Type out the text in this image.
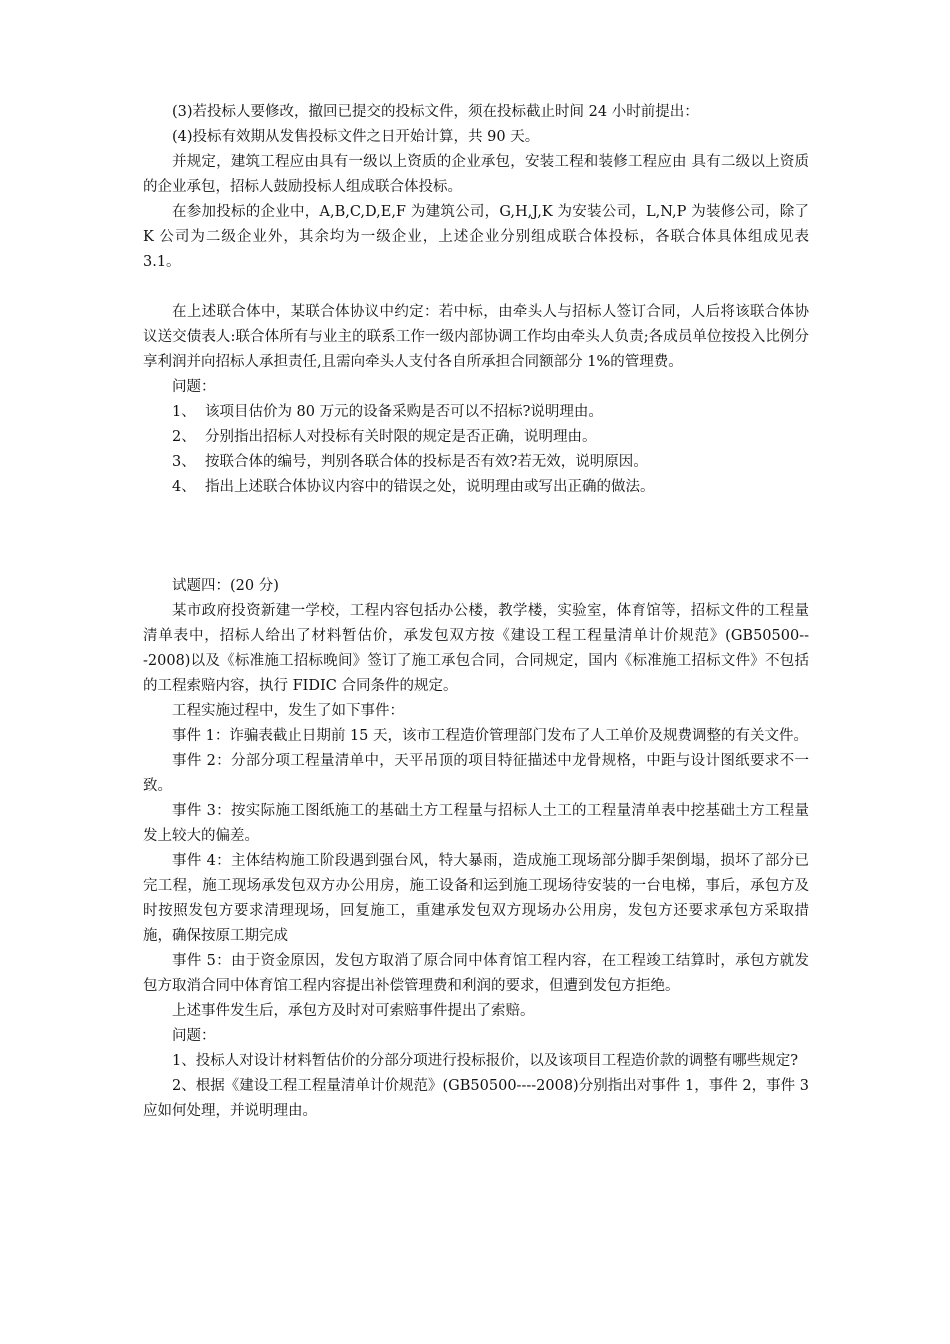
(3)若投标人要修改，撤回已提交的投标文件，须在投标截止时间 24 小时前提出：

(4)投标有效期从发售投标文件之日开始计算，共 90 天。

并规定，建筑工程应由具有一级以上资质的企业承包，安装工程和装修工程应由 具有二级以上资质的企业承包，招标人鼓励投标人组成联合体投标。

在参加投标的企业中，A,B,C,D,E,F 为建筑公司，G,H,J,K 为安装公司，L,N,P 为装修公司，除了 K 公司为二级企业外，其余均为一级企业，上述企业分别组成联合体投标，各联合体具体组成见表 3.1。

在上述联合体中，某联合体协议中约定：若中标，由牵头人与招标人签订合同，人后将该联合体协议送交债表人:联合体所有与业主的联系工作一级内部协调工作均由牵头人负责;各成员单位按投入比例分享利润并向招标人承担责任,且需向牵头人支付各自所承担合同额部分 1%的管理费。

问题：

1、  该项目估价为 80 万元的设备采购是否可以不招标?说明理由。

2、  分别指出招标人对投标有关时限的规定是否正确，说明理由。

3、  按联合体的编号，判别各联合体的投标是否有效?若无效，说明原因。

4、  指出上述联合体协议内容中的错误之处，说明理由或写出正确的做法。

试题四：(20 分)

某市政府投资新建一学校，工程内容包括办公楼，教学楼，实验室，体育馆等，招标文件的工程量清单表中，招标人给出了材料暂估价，承发包双方按《建设工程工程量清单计价规范》(GB50500---2008)以及《标准施工招标晚间》签订了施工承包合同，合同规定，国内《标准施工招标文件》不包括的工程索赔内容，执行 FIDIC 合同条件的规定。

工程实施过程中，发生了如下事件：

事件 1：诈骗表截止日期前 15 天，该市工程造价管理部门发布了人工单价及规费调整的有关文件。

事件 2：分部分项工程量清单中，天平吊顶的项目特征描述中龙骨规格，中距与设计图纸要求不一致。

事件 3：按实际施工图纸施工的基础土方工程量与招标人土工的工程量清单表中挖基础土方工程量发上较大的偏差。

事件 4：主体结构施工阶段遇到强台风，特大暴雨，造成施工现场部分脚手架倒塌，损坏了部分已完工程，施工现场承发包双方办公用房，施工设备和运到施工现场待安装的一台电梯，事后，承包方及时按照发包方要求清理现场，回复施工，重建承发包双方现场办公用房，发包方还要求承包方采取措施，确保按原工期完成

事件 5：由于资金原因，发包方取消了原合同中体育馆工程内容，在工程竣工结算时，承包方就发包方取消合同中体育馆工程内容提出补偿管理费和利润的要求，但遭到发包方拒绝。

上述事件发生后，承包方及时对可索赔事件提出了索赔。

问题：

1、投标人对设计材料暂估价的分部分项进行投标报价，以及该项目工程造价款的调整有哪些规定?

2、根据《建设工程工程量清单计价规范》(GB50500----2008)分别指出对事件 1，事件 2，事件 3 应如何处理，并说明理由。
